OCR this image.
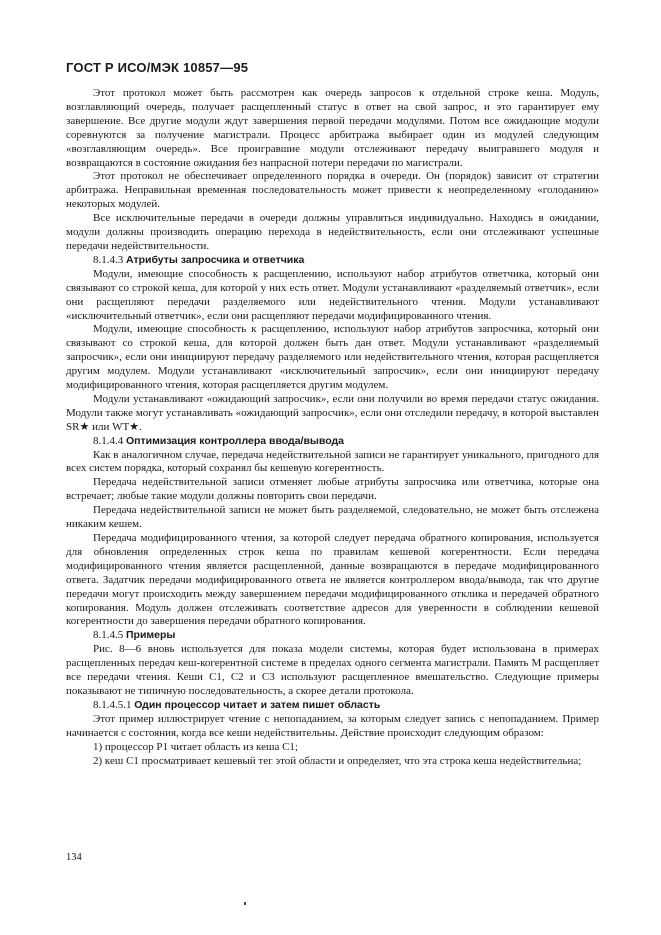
ГОСТ Р ИСО/МЭК 10857—95

Этот протокол может быть рассмотрен как очередь запросов к отдельной строке кеша. Модуль, возглавляющий очередь, получает расщепленный статус в ответ на свой запрос, и это гарантирует ему завершение. Все другие модули ждут завершения первой передачи модулями. Потом все ожидающие модули соревнуются за получение магистрали. Процесс арбитража выбирает один из модулей следующим «возглавляющим очередь». Все проигравшие модули отслеживают передачу выигравшего модуля и возвращаются в состояние ожидания без напрасной потери передачи по магистрали.

Этот протокол не обеспечивает определенного порядка в очереди. Он (порядок) зависит от стратегии арбитража. Неправильная временная последовательность может привести к неопределенному «голоданию» некоторых модулей.

Все исключительные передачи в очереди должны управляться индивидуально. Находясь в ожидании, модули должны производить операцию перехода в недействительность, если они отслеживают успешные передачи недействительности.

8.1.4.3 Атрибуты запросчика и ответчика

Модули, имеющие способность к расщеплению, используют набор атрибутов ответчика, который они связывают со строкой кеша, для которой у них есть ответ. Модули устанавливают «разделяемый ответчик», если они расщепляют передачи разделяемого или недействительного чтения. Модули устанавливают «исключительный ответчик», если они расщепляют передачи модифицированного чтения.

Модули, имеющие способность к расщеплению, используют набор атрибутов запросчика, который они связывают со строкой кеша, для которой должен быть дан ответ. Модули устанавливают «разделяемый запросчик», если они инициируют передачу разделяемого или недействительного чтения, которая расщепляется другим модулем. Модули устанавливают «исключительный запросчик», если они инициируют передачу модифицированного чтения, которая расщепляется другим модулем.

Модули устанавливают «ожидающий запросчик», если они получили во время передачи статус ожидания. Модули также могут устанавливать «ожидающий запросчик», если они отследили передачу, в которой выставлен SR★ или WT★.

8.1.4.4 Оптимизация контроллера ввода/вывода

Как в аналогичном случае, передача недействительной записи не гарантирует уникального, пригодного для всех систем порядка, который сохранял бы кешевую когерентность.

Передача недействительной записи отменяет любые атрибуты запросчика или ответчика, которые она встречает; любые такие модули должны повторить свои передачи.

Передача недействительной записи не может быть разделяемой, следовательно, не может быть отслежена никаким кешем.

Передача модифицированного чтения, за которой следует передача обратного копирования, используется для обновления определенных строк кеша по правилам кешевой когерентности. Если передача модифицированного чтения является расщепленной, данные возвращаются в передаче модифицированного ответа. Задатчик передачи модифицированного ответа не является контроллером ввода/вывода, так что другие передачи могут происходить между завершением передачи модифицированного отклика и передачей обратного копирования. Модуль должен отслеживать соответствие адресов для уверенности в соблюдении кешевой когерентности до завершения передачи обратного копирования.

8.1.4.5 Примеры

Рис. 8—6 вновь используется для показа модели системы, которая будет использована в примерах расщепленных передач кеш-когерентной системе в пределах одного сегмента магистрали. Память М расщепляет все передачи чтения. Кеши С1, С2 и С3 используют расщепленное вмешательство. Следующие примеры показывают не типичную последовательность, а скорее детали протокола.

8.1.4.5.1 Один процессор читает и затем пишет область

Этот пример иллюстрирует чтение с непопаданием, за которым следует запись с непопаданием. Пример начинается с состояния, когда все кеши недействительны. Действие происходит следующим образом:

1) процессор Р1 читает область из кеша С1;

2) кеш С1 просматривает кешевый тег этой области и определяет, что эта строка кеша недействительна;

134
